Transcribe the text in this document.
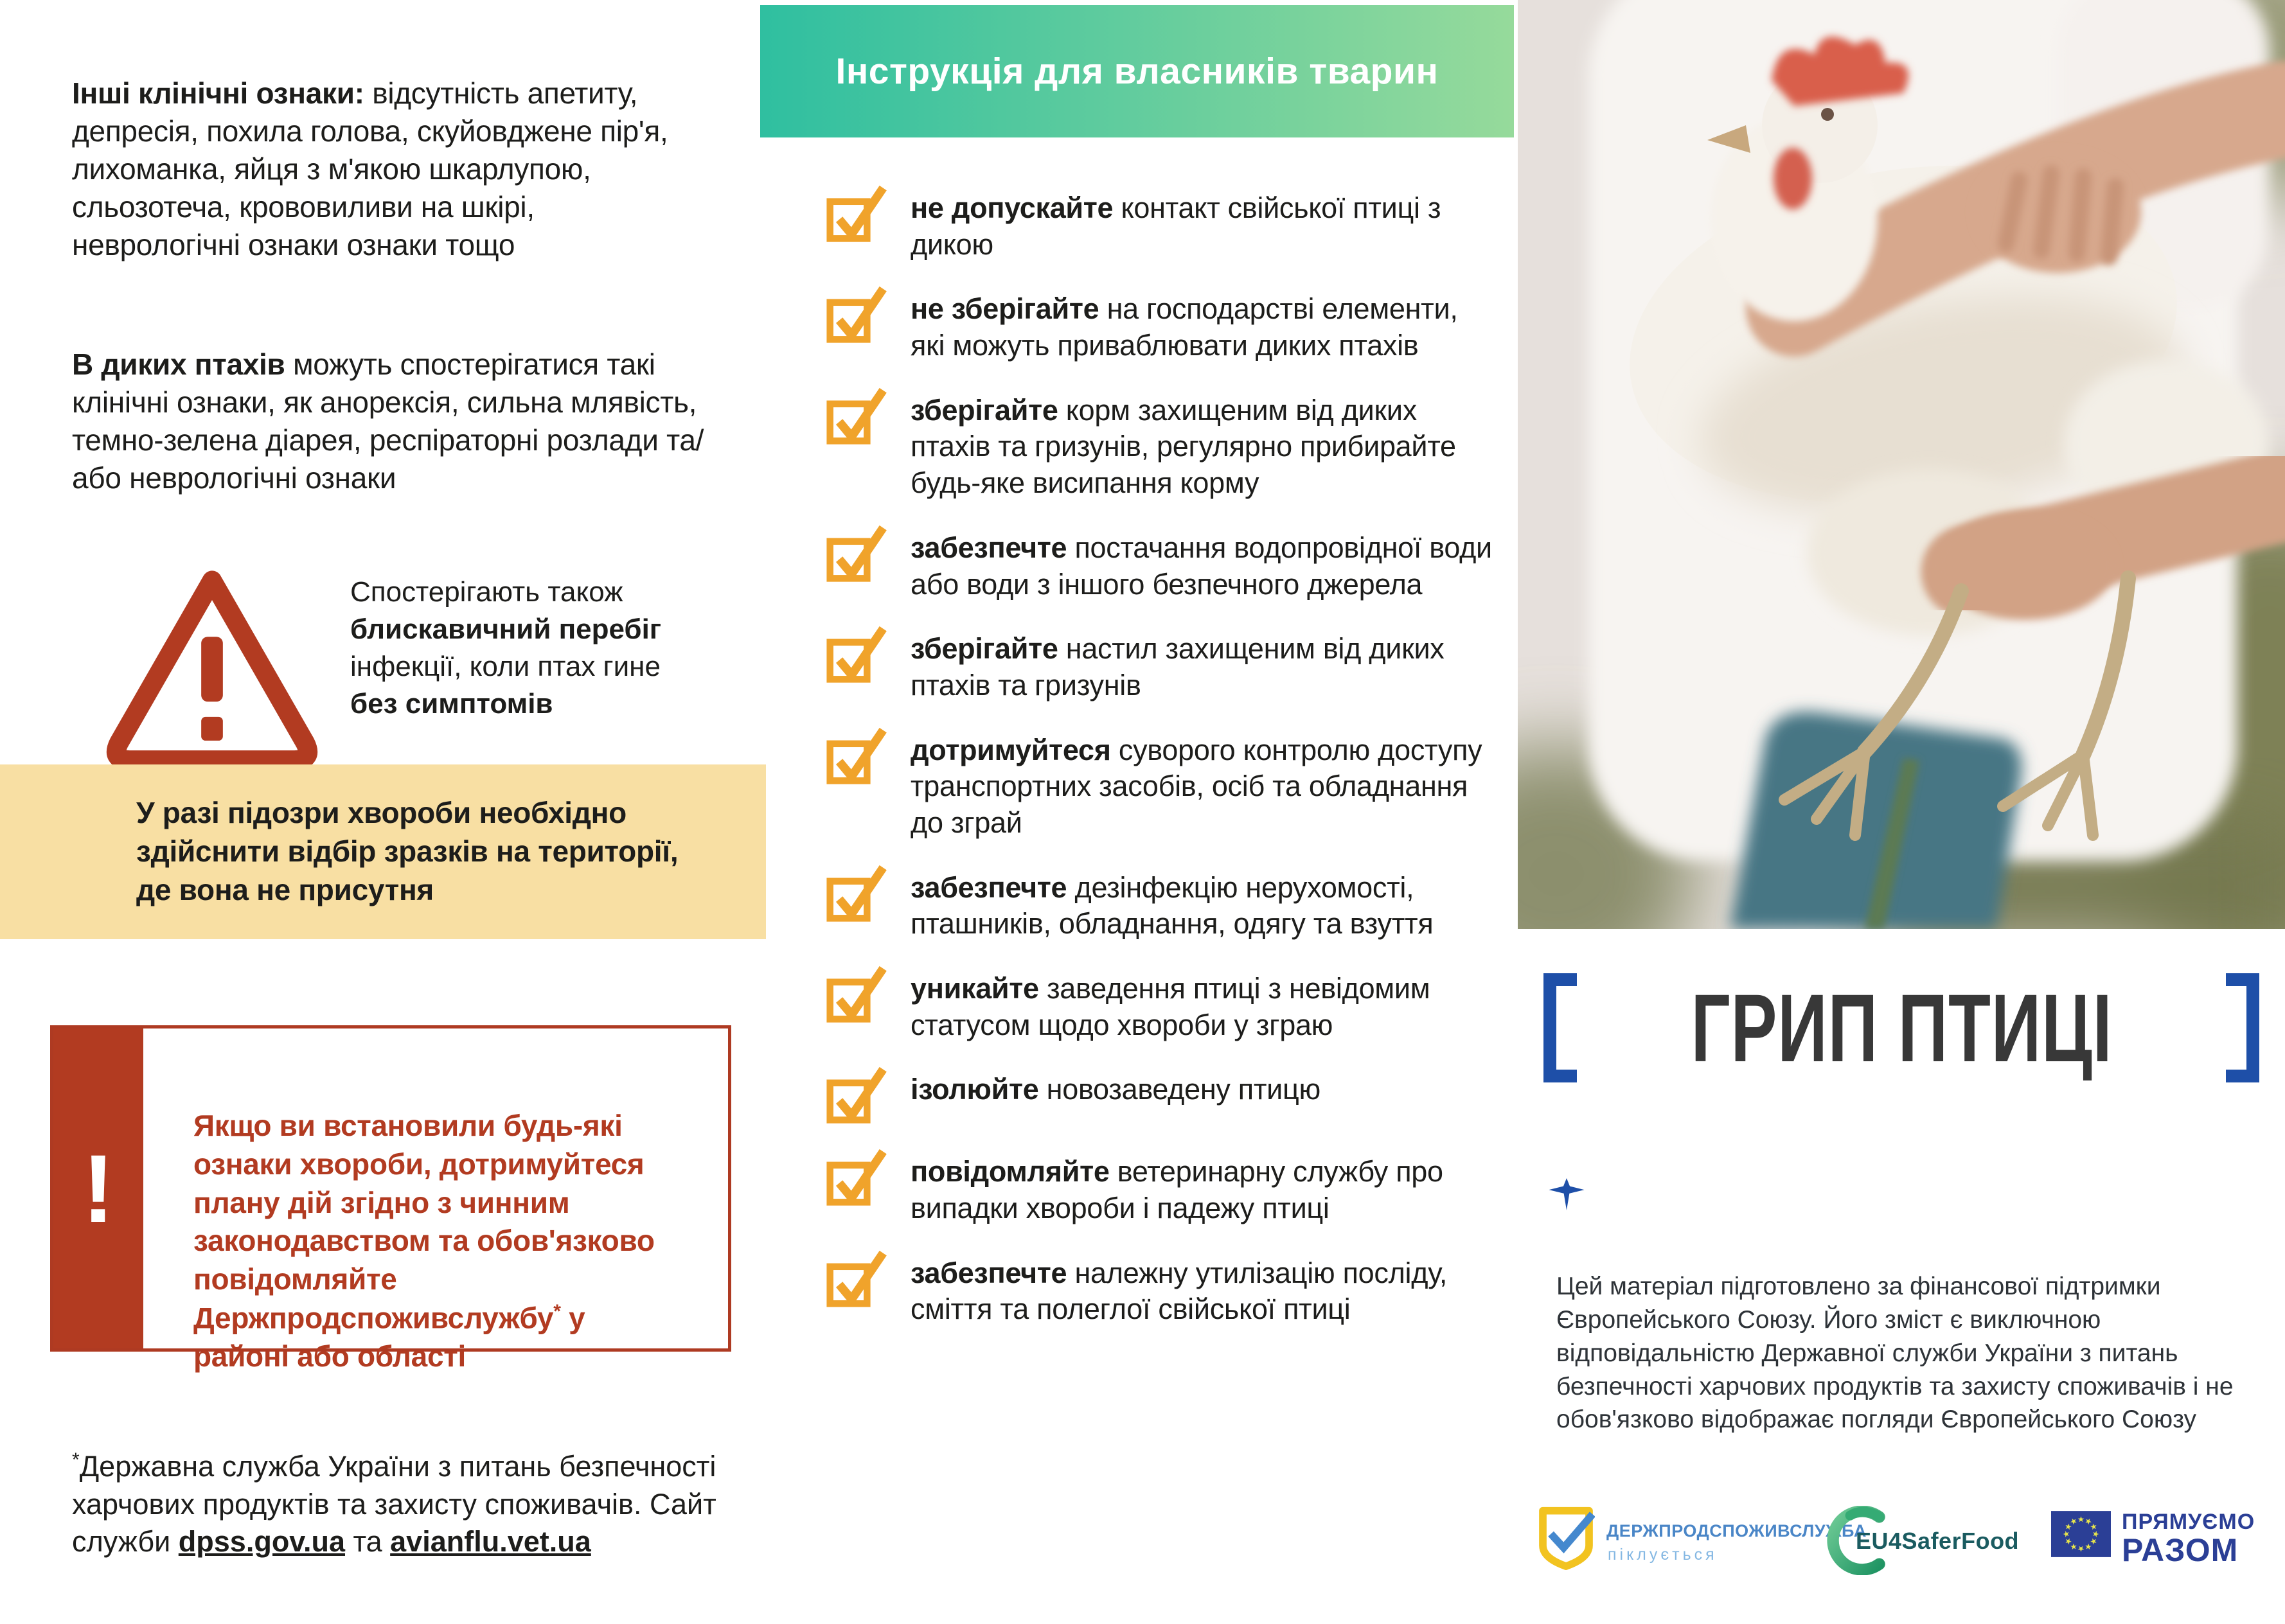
Інші клінічні ознаки: відсутність апетиту, депресія, похила голова, скуйовджене пір'я, лихоманка, яйця з м'якою шкарлупою, сльозотеча, крововиливи на шкірі, неврологічні ознаки ознаки тощо

В диких птахів можуть спостерігатися такі клінічні ознаки, як анорексія, сильна млявість, темно-зелена діарея, респіраторні розлади та/або неврологічні ознаки

Спостерігають також
блискавичний перебіг
інфекції, коли птах гине
без симптомів

У разі підозри хвороби необхідно здійснити відбір зразків на території, де вона не присутня

!

Якщо ви встановили будь-які ознаки хвороби, дотримуйтеся плану дій згідно з чинним законодавством та обов'язково повідомляйте Держпродспоживслужбу* у районі або області

*Державна служба України з питань безпечності харчових продуктів та захисту споживачів. Сайт служби dpss.gov.ua та avianflu.vet.ua

Інструкція для власників тварин

не допускайте контакт свійської птиці з дикою

не зберігайте на господарстві елементи, які можуть приваблювати диких птахів

зберігайте корм захищеним від диких птахів та гризунів, регулярно прибирайте будь-яке висипання корму

забезпечте постачання водопровідної води або води з іншого безпечного джерела

зберігайте настил захищеним від диких птахів та гризунів

дотримуйтеся суворого контролю доступу транспортних засобів, осіб та обладнання до зграй

забезпечте дезінфекцію нерухомості, пташників, обладнання, одягу та взуття

уникайте заведення птиці з невідомим статусом щодо хвороби у зграю

ізолюйте новозаведену птицю

повідомляйте ветеринарну службу про випадки хвороби і падежу птиці

забезпечте належну утилізацію посліду, сміття та полеглої свійської птиці

ГРИП ПТИЦІ

Цей матеріал підготовлено за фінансової підтримки Європейського Союзу. Його зміст є виключною відповідальністю Державної служби України з питань безпечності харчових продуктів та захисту споживачів і не обов'язково відображає погляди Європейського Союзу

ДЕРЖПРОДСПОЖИВСЛУЖБА
піклується
EU4SaferFood
ПРЯМУЄМО
РАЗОМ
